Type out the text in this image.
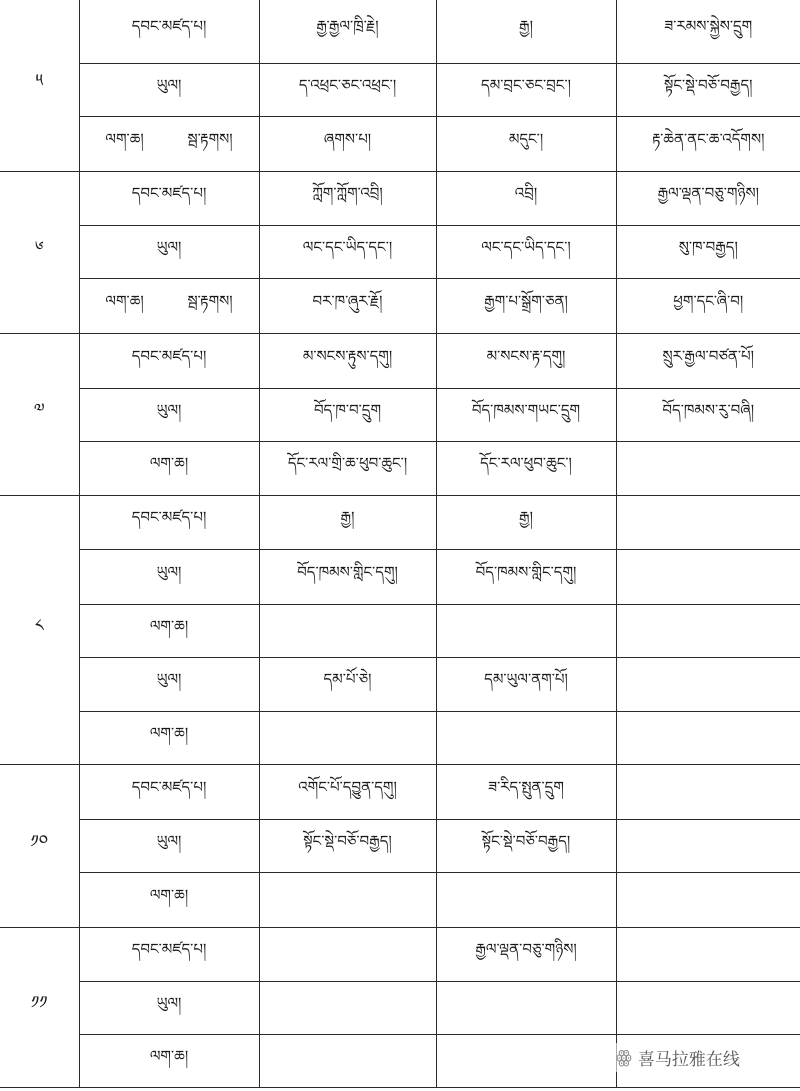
༥	དབང་མཛད་པ།	རྒྱ་རྒྱལ་ཁྲི་རྗེ།	རྒྱ།	ཟ་རམས་སྐྱེས་དྲུག
	ཡུལ།	ད་འཕྲང་ཅང་འཕྲང་།	དམ་བྲང་ཅང་བྲང་།	སྟོང་སྡེ་བཅོ་བརྒྱད།

	ལག་ཆ། སྦ་རྟགས།	ཞགས་པ།	མདུང་།	རྟ་ཆེན་ནང་ཆ་འདོགས།
༦	དབང་མཛད་པ།	ཀློག་ཀློག་འབྲི།	འབྲི།	རྒྱལ་ལྡན་བཅུ་གཉིས།
	ཡུལ།	ལང་དང་ཡིད་དང་།	ལང་དང་ཡིད་དང་།	སུ་ཁ་བརྒྱད།

	ལག་ཆ། སྦ་རྟགས།	བར་ཁ་ཞུར་རྗོ།	རྒྱག་པ་སྒྲོག་ཅན།	ཕྱག་དང་ཞི་བ།
༧	དབང་མཛད་པ།	མ་སངས་རྟུས་དགུ།	མ་སངས་རྟ་དགུ།	སྲུར་རྒྱལ་བཙན་པོ།
	ཡུལ།	བོད་ཁ་བ་དྲུག	བོད་ཁམས་གཡང་དྲུག	བོད་ཁམས་རུ་བཞི།
	ལག་ཆ།	དོང་རལ་གྲི་ཆ་ཕུབ་ཆུང་།	དོང་རལ་ཕུབ་ཆུང་།	
༨	དབང་མཛད་པ།	རྒྱ།	རྒྱ།	
	ཡུལ།	བོད་ཁམས་གླིང་དགུ།	བོད་ཁམས་གླིང་དགུ།	
	ལག་ཆ།			
	ཡུལ།	དམ་པོ་ཅེ།	དམ་ཡུལ་ནག་པོ།	
	ལག་ཆ།			
༡༠	དབང་མཛད་པ།	འགོང་པོ་དབྱུན་དགུ།	ཟ་རིད་སྤུན་དྲུག	
	ཡུལ།	སྟོང་སྡེ་བཅོ་བརྒྱད།	སྟོང་སྡེ་བཅོ་བརྒྱད།	
	ལག་ཆ།			
༡༡	དབང་མཛད་པ།		རྒྱལ་ལྡན་བཅུ་གཉིས།	
	ཡུལ།			
	ལག་ཆ།				ꙮ 喜马拉雅在线
